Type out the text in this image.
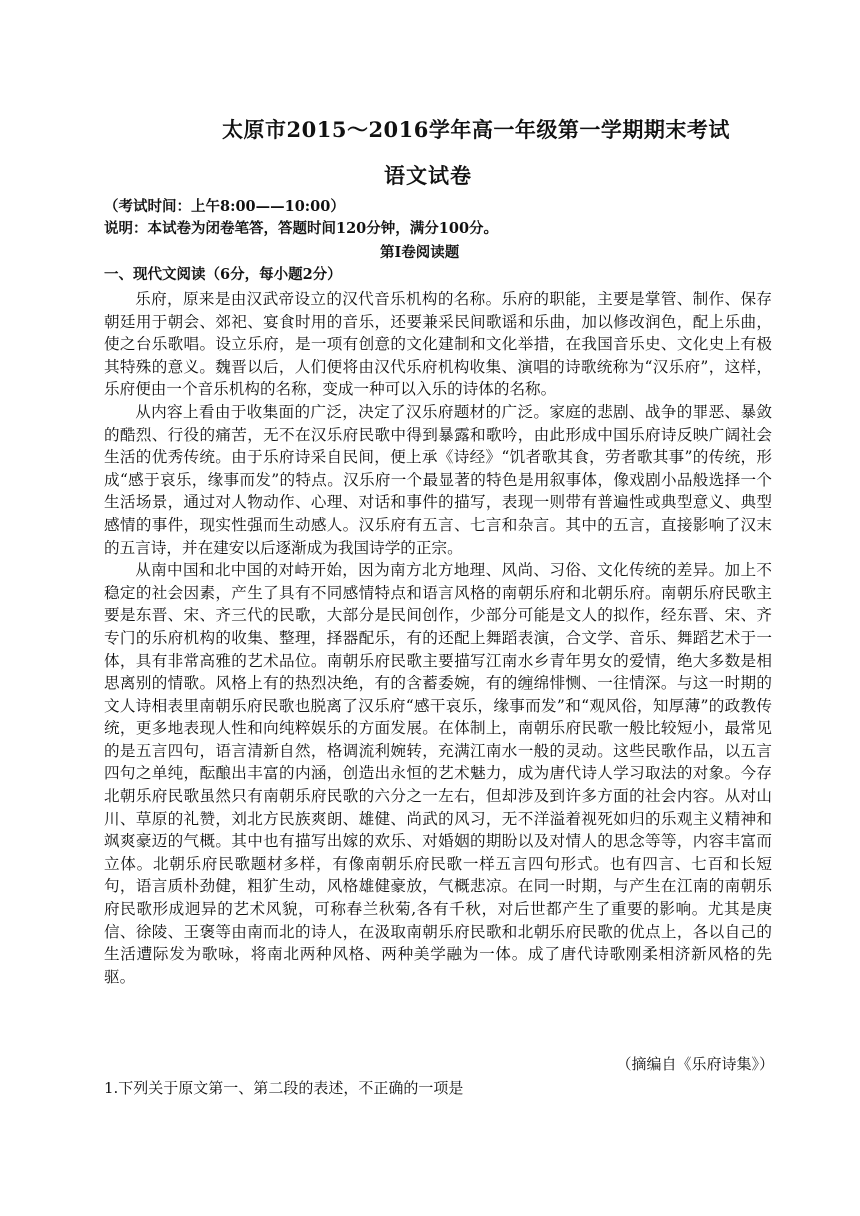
太原市2015～2016学年高一年级第一学期期末考试
语文试卷
（考试时间：上午8:00——10:00）
说明：本试卷为闭卷笔答，答题时间120分钟，满分100分。
第Ⅰ卷阅读题
一、现代文阅读（6分，每小题2分）

乐府，原来是由汉武帝设立的汉代音乐机构的名称。乐府的职能，主要是掌管、制作、保存朝廷用于朝会、郊祀、宴食时用的音乐，还要兼采民间歌谣和乐曲，加以修改润色，配上乐曲，使之台乐歌唱。设立乐府，是一项有创意的文化建制和文化举措，在我国音乐史、文化史上有极其特殊的意义。魏晋以后，人们便将由汉代乐府机构收集、演唱的诗歌统称为“汉乐府”，这样，乐府便由一个音乐机构的名称，变成一种可以入乐的诗体的名称。

从内容上看由于收集面的广泛，决定了汉乐府题材的广泛。家庭的悲剧、战争的罪恶、暴敛的酷烈、行役的痛苦，无不在汉乐府民歌中得到暴露和歌吟，由此形成中国乐府诗反映广阔社会生活的优秀传统。由于乐府诗采自民间，便上承《诗经》“饥者歌其食，劳者歌其事”的传统，形成“感于哀乐，缘事而发”的特点。汉乐府一个最显著的特色是用叙事体，像戏剧小品般选择一个生活场景，通过对人物动作、心理、对话和事件的描写，表现一则带有普遍性或典型意义、典型感情的事件，现实性强而生动感人。汉乐府有五言、七言和杂言。其中的五言，直接影响了汉末的五言诗，并在建安以后逐渐成为我国诗学的正宗。

从南中国和北中国的对峙开始，因为南方北方地理、风尚、习俗、文化传统的差异。加上不稳定的社会因素，产生了具有不同感情特点和语言风格的南朝乐府和北朝乐府。南朝乐府民歌主要是东晋、宋、齐三代的民歌，大部分是民间创作，少部分可能是文人的拟作，经东晋、宋、齐专门的乐府机构的收集、整理，择器配乐，有的还配上舞蹈表演，合文学、音乐、舞蹈艺术于一体，具有非常高雅的艺术品位。南朝乐府民歌主要描写江南水乡青年男女的爱情，绝大多数是相思离别的情歌。风格上有的热烈决绝，有的含蓄委婉，有的缠绵悱恻、一往情深。与这一时期的文人诗相表里南朝乐府民歌也脱离了汉乐府“感干哀乐，缘事而发”和“观风俗，知厚薄”的政教传统，更多地表现人性和向纯粹娱乐的方面发展。在体制上，南朝乐府民歌一般比较短小，最常见的是五言四句，语言清新自然，格调流利婉转，充满江南水一般的灵动。这些民歌作品，以五言四句之单纯，酝酿出丰富的内涵，创造出永恒的艺术魅力，成为唐代诗人学习取法的对象。今存北朝乐府民歌虽然只有南朝乐府民歌的六分之一左右，但却涉及到许多方面的社会内容。从对山川、草原的礼赞，刘北方民族爽朗、雄健、尚武的风习，无不洋溢着视死如归的乐观主义精神和飒爽豪迈的气概。其中也有描写出嫁的欢乐、对婚姻的期盼以及对情人的思念等等，内容丰富而立体。北朝乐府民歌题材多样，有像南朝乐府民歌一样五言四句形式。也有四言、七百和长短句，语言质朴劲健，粗犷生动，风格雄健豪放，气概悲凉。在同一时期，与产生在江南的南朝乐府民歌形成迥异的艺术风貌，可称春兰秋菊,各有千秋，对后世都产生了重要的影响。尤其是庚信、徐陵、王褒等由南而北的诗人，在汲取南朝乐府民歌和北朝乐府民歌的优点上，各以自己的生活遭际发为歌咏，将南北两种风格、两种美学融为一体。成了唐代诗歌刚柔相济新风格的先驱。

（摘编自《乐府诗集》）
1.下列关于原文第一、第二段的表述，不正确的一项是
